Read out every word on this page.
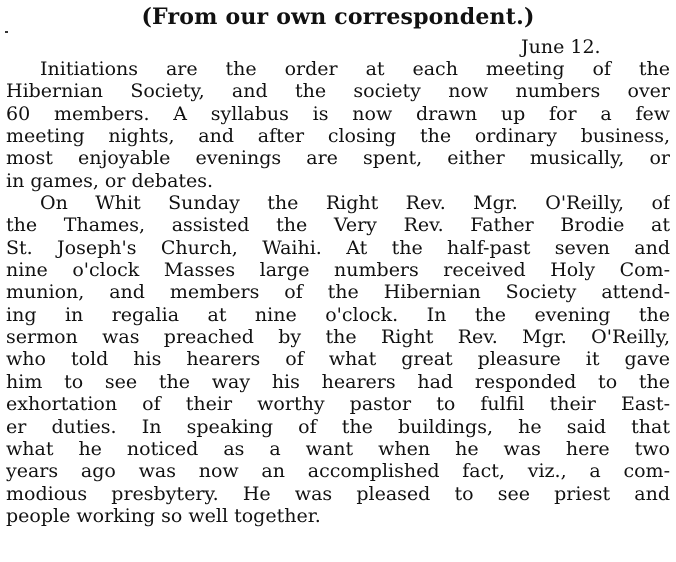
(From our own correspondent.)
June 12.
Initiations are the order at each meeting of the
Hibernian Society, and the society now numbers over
60 members. A syllabus is now drawn up for a few
meeting nights, and after closing the ordinary business,
most enjoyable evenings are spent, either musically, or
in games, or debates.
On Whit Sunday the Right Rev. Mgr. O'Reilly, of
the Thames, assisted the Very Rev. Father Brodie at
St. Joseph's Church, Waihi. At the half-past seven and
nine o'clock Masses large numbers received Holy Com-
munion, and members of the Hibernian Society attend-
ing in regalia at nine o'clock. In the evening the
sermon was preached by the Right Rev. Mgr. O'Reilly,
who told his hearers of what great pleasure it gave
him to see the way his hearers had responded to the
exhortation of their worthy pastor to fulfil their East-
er duties. In speaking of the buildings, he said that
what he noticed as a want when he was here two
years ago was now an accomplished fact, viz., a com-
modious presbytery. He was pleased to see priest and
people working so well together.
